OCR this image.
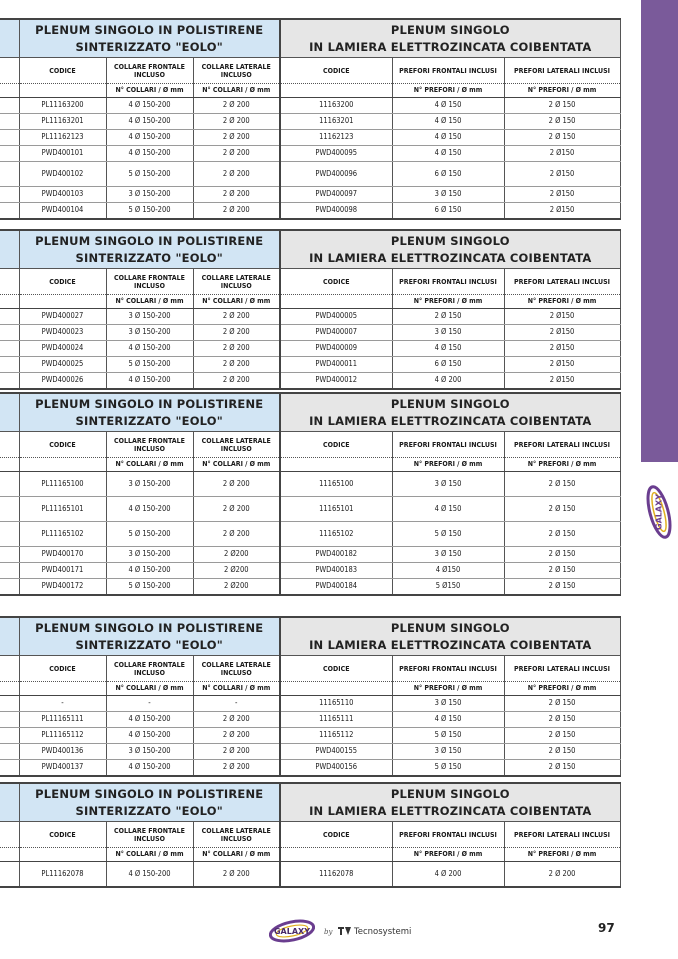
GALAXY
	PLENUM SINGOLO IN POLISTIRENE
SINTERIZZATO "EOLO"			PLENUM SINGOLO
IN LAMIERA ELETTROZINCATA COIBENTATA		
	CODICE	COLLARE FRONTALE INCLUSO	COLLARE LATERALE INCLUSO	CODICE	PREFORI FRONTALI INCLUSI	PREFORI LATERALI INCLUSI
		N° COLLARI / Ø mm	N° COLLARI / Ø mm		N° PREFORI / Ø mm	N° PREFORI / Ø mm
	PL11163200	4 Ø 150-200	2 Ø 200	11163200	4 Ø 150	2 Ø 150
	PL11163201	4 Ø 150-200	2 Ø 200	11163201	4 Ø 150	2 Ø 150
	PL11162123	4 Ø 150-200	2 Ø 200	11162123	4 Ø 150	2 Ø 150
	PWD400101	4 Ø 150-200	2 Ø 200	PWD400095	4 Ø 150	2 Ø150
	PWD400102	5 Ø 150-200	2 Ø 200	PWD400096	6 Ø 150	2 Ø150
	PWD400103	3 Ø 150-200	2 Ø 200	PWD400097	3 Ø 150	2 Ø150
	PWD400104	5 Ø 150-200	2 Ø 200	PWD400098	6 Ø 150	2 Ø150
	PLENUM SINGOLO IN POLISTIRENE
SINTERIZZATO "EOLO"			PLENUM SINGOLO
IN LAMIERA ELETTROZINCATA COIBENTATA		
	CODICE	COLLARE FRONTALE INCLUSO	COLLARE LATERALE INCLUSO	CODICE	PREFORI FRONTALI INCLUSI	PREFORI LATERALI INCLUSI
		N° COLLARI / Ø mm	N° COLLARI / Ø mm		N° PREFORI / Ø mm	N° PREFORI / Ø mm
	PWD400027	3 Ø 150-200	2 Ø 200	PWD400005	2 Ø 150	2 Ø150
	PWD400023	3 Ø 150-200	2 Ø 200	PWD400007	3 Ø 150	2 Ø150
	PWD400024	4 Ø 150-200	2 Ø 200	PWD400009	4 Ø 150	2 Ø150
	PWD400025	5 Ø 150-200	2 Ø 200	PWD400011	6 Ø 150	2 Ø150
	PWD400026	4 Ø 150-200	2 Ø 200	PWD400012	4 Ø 200	2 Ø150
	PLENUM SINGOLO IN POLISTIRENE
SINTERIZZATO "EOLO"			PLENUM SINGOLO
IN LAMIERA ELETTROZINCATA COIBENTATA		
	CODICE	COLLARE FRONTALE INCLUSO	COLLARE LATERALE INCLUSO	CODICE	PREFORI FRONTALI INCLUSI	PREFORI LATERALI INCLUSI
		N° COLLARI / Ø mm	N° COLLARI / Ø mm		N° PREFORI / Ø mm	N° PREFORI / Ø mm
	PL11165100	3 Ø 150-200	2 Ø 200	11165100	3 Ø 150	2 Ø 150
	PL11165101	4 Ø 150-200	2 Ø 200	11165101	4 Ø 150	2 Ø 150
	PL11165102	5 Ø 150-200	2 Ø 200	11165102	5 Ø 150	2 Ø 150
	PWD400170	3 Ø 150-200	2 Ø200	PWD400182	3 Ø 150	2 Ø 150
	PWD400171	4 Ø 150-200	2 Ø200	PWD400183	4 Ø150	2 Ø 150
	PWD400172	5 Ø 150-200	2 Ø200	PWD400184	5 Ø150	2 Ø 150
	PLENUM SINGOLO IN POLISTIRENE
SINTERIZZATO "EOLO"			PLENUM SINGOLO
IN LAMIERA ELETTROZINCATA COIBENTATA		
	CODICE	COLLARE FRONTALE INCLUSO	COLLARE LATERALE INCLUSO	CODICE	PREFORI FRONTALI INCLUSI	PREFORI LATERALI INCLUSI
		N° COLLARI / Ø mm	N° COLLARI / Ø mm		N° PREFORI / Ø mm	N° PREFORI / Ø mm
	-	-	-	11165110	3 Ø 150	2 Ø 150
	PL11165111	4 Ø 150-200	2 Ø 200	11165111	4 Ø 150	2 Ø 150
	PL11165112	4 Ø 150-200	2 Ø 200	11165112	5 Ø 150	2 Ø 150
	PWD400136	3 Ø 150-200	2 Ø 200	PWD400155	3 Ø 150	2 Ø 150
	PWD400137	4 Ø 150-200	2 Ø 200	PWD400156	5 Ø 150	2 Ø 150
	PLENUM SINGOLO IN POLISTIRENE
SINTERIZZATO "EOLO"			PLENUM SINGOLO
IN LAMIERA ELETTROZINCATA COIBENTATA		
	CODICE	COLLARE FRONTALE INCLUSO	COLLARE LATERALE INCLUSO	CODICE	PREFORI FRONTALI INCLUSI	PREFORI LATERALI INCLUSI
		N° COLLARI / Ø mm	N° COLLARI / Ø mm		N° PREFORI / Ø mm	N° PREFORI / Ø mm
	PL11162078	4 Ø 150-200	2 Ø 200	11162078	4 Ø 200	2 Ø 200
GALAXY by	Tecnosystemi	97
